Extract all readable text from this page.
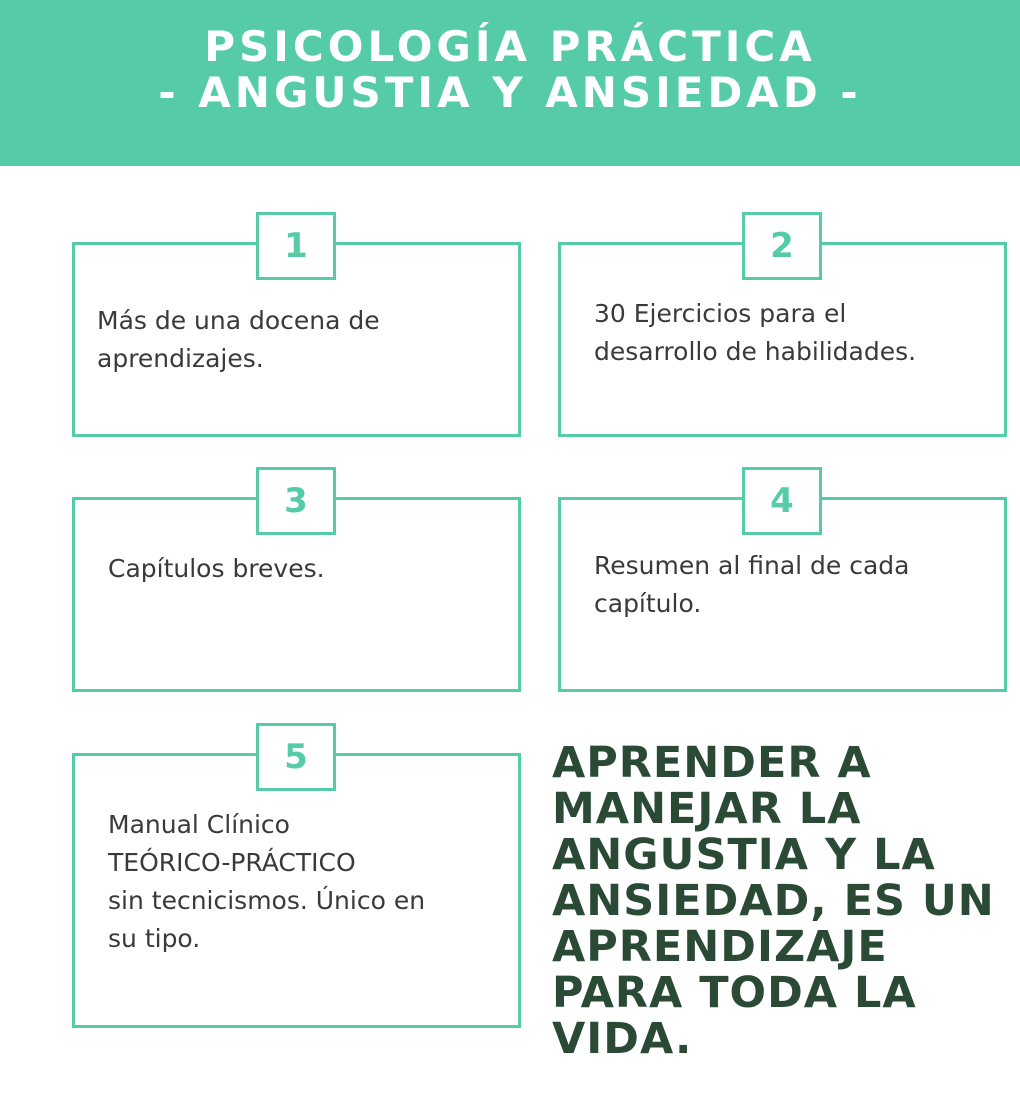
PSICOLOGÍA PRÁCTICA
- ANGUSTIA Y ANSIEDAD -
1
Más de una docena de
aprendizajes.
2
30 Ejercicios para el
desarrollo de habilidades.
3
Capítulos breves.
4
Resumen al final de cada
capítulo.
5
Manual Clínico
TEÓRICO-PRÁCTICO
sin tecnicismos. Único en
su tipo.
APRENDER A
MANEJAR LA
ANGUSTIA Y LA
ANSIEDAD, ES UN
APRENDIZAJE
PARA TODA LA
VIDA.
